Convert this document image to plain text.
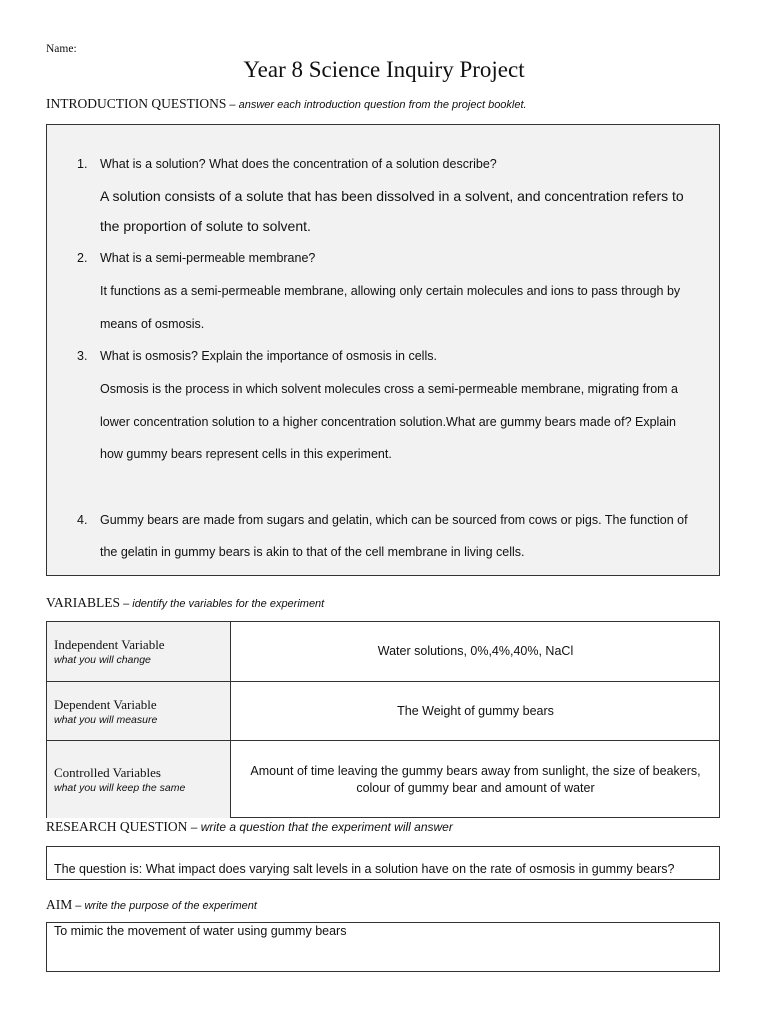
Name:
Year 8 Science Inquiry Project
INTRODUCTION QUESTIONS – answer each introduction question from the project booklet.
1. What is a solution? What does the concentration of a solution describe?
A solution consists of a solute that has been dissolved in a solvent, and concentration refers to
the proportion of solute to solvent.
2. What is a semi-permeable membrane?
It functions as a semi-permeable membrane, allowing only certain molecules and ions to pass through by
means of osmosis.
3. What is osmosis? Explain the importance of osmosis in cells.
Osmosis is the process in which solvent molecules cross a semi-permeable membrane, migrating from a
lower concentration solution to a higher concentration solution.What are gummy bears made of? Explain
how gummy bears represent cells in this experiment.
4. Gummy bears are made from sugars and gelatin, which can be sourced from cows or pigs. The function of
the gelatin in gummy bears is akin to that of the cell membrane in living cells.
VARIABLES – identify the variables for the experiment
Independent Variable
what you will change
Water solutions, 0%,4%,40%, NaCl
Dependent Variable
what you will measure
The Weight of gummy bears
Controlled Variables
what you will keep the same
Amount of time leaving the gummy bears away from sunlight, the size of beakers, colour of gummy bear and amount of water
RESEARCH QUESTION – write a question that the experiment will answer
The question is: What impact does varying salt levels in a solution have on the rate of osmosis in gummy bears?
AIM – write the purpose of the experiment
To mimic the movement of water using gummy bears
